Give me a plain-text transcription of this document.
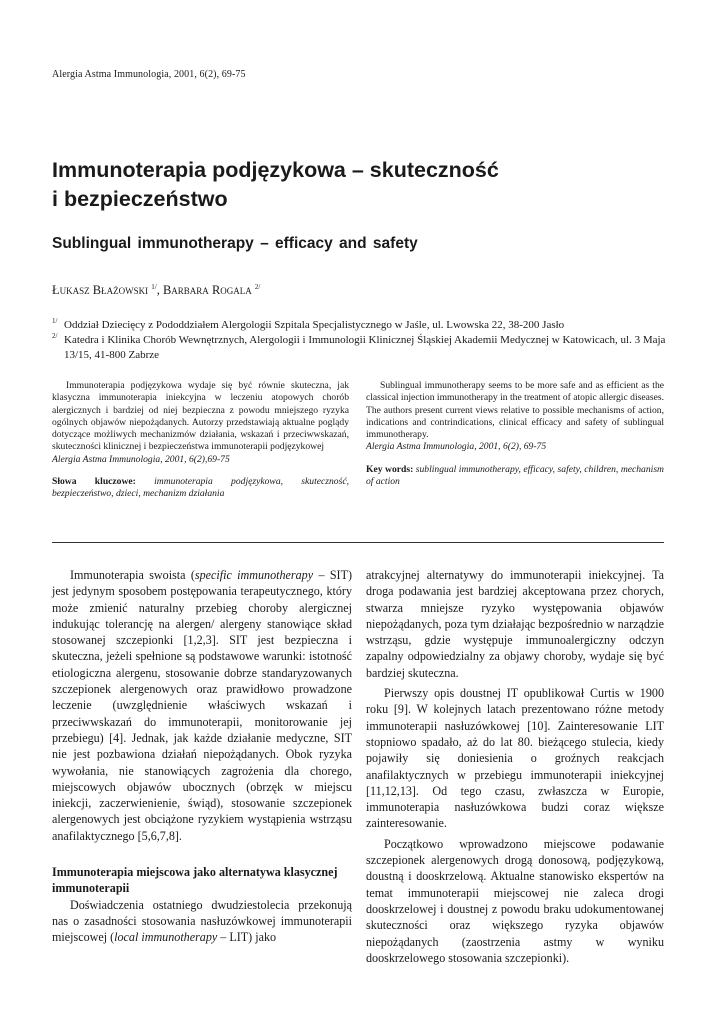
Alergia Astma Immunologia, 2001, 6(2), 69-75
Immunoterapia podjęzykowa – skuteczność
i bezpieczeństwo
Sublingual immunotherapy – efficacy and safety
Łukasz Błażowski $^{1/}$, Barbara Rogala $^{2/}$
1/ Oddział Dziecięcy z Pododdziałem Alergologii Szpitala Specjalistycznego w Jaśle, ul. Lwowska 22, 38-200 Jasło
2/ Katedra i Klinika Chorób Wewnętrznych, Alergologii i Immunologii Klinicznej Śląskiej Akademii Medycznej w Katowicach, ul. 3 Maja 13/15, 41-800 Zabrze

Immunoterapia podjęzykowa wydaje się być równie skuteczna, jak klasyczna immunoterapia iniekcyjna w leczeniu atopowych chorób alergicznych i bardziej od niej bezpieczna z powodu mniejszego ryzyka ogólnych objawów niepożądanych. Autorzy przedstawiają aktualne poglądy dotyczące możliwych mechanizmów działania, wskazań i przeciwwskazań, skuteczności klinicznej i bezpieczeństwa immunoterapii podjęzykowej

Alergia Astma Immunologia, 2001, 6(2),69-75

Słowa kluczowe: immunoterapia podjęzykowa, skuteczność, bezpieczeństwo, dzieci, mechanizm działania

Sublingual immunotherapy seems to be more safe and as efficient as the classical injection immunotherapy in the treatment of atopic allergic diseases. The authors present current views relative to possible mechanisms of action, indications and contrindications, clinical efficacy and safety of sublingual immunotherapy.

Alergia Astma Immunologia, 2001, 6(2), 69-75

Key words: sublingual immunotherapy, efficacy, safety, children, mechanism of action

Immunoterapia swoista (specific immunotherapy – SIT) jest jedynym sposobem postępowania terapeutycznego, który może zmienić naturalny przebieg choroby alergicznej indukując tolerancję na alergen/ alergeny stanowiące skład stosowanej szczepionki [1,2,3]. SIT jest bezpieczna i skuteczna, jeżeli spełnione są podstawowe warunki: istotność etiologiczna alergenu, stosowanie dobrze standaryzowanych szczepionek alergenowych oraz prawidłowo prowadzone leczenie (uwzględnienie właściwych wskazań i przeciwwskazań do immunoterapii, monitorowanie jej przebiegu) [4]. Jednak, jak każde działanie medyczne, SIT nie jest pozbawiona działań niepożądanych. Obok ryzyka wywołania, nie stanowiących zagrożenia dla chorego, miejscowych objawów ubocznych (obrzęk w miejscu iniekcji, zaczerwienienie, świąd), stosowanie szczepionek alergenowych jest obciążone ryzykiem wystąpienia wstrząsu anafilaktycznego [5,6,7,8].

Immunoterapia miejscowa jako alternatywa klasycznej immunoterapii

Doświadczenia ostatniego dwudziestolecia przekonują nas o zasadności stosowania nasłuzówkowej immunoterapii miejscowej (local immunotherapy – LIT) jako

atrakcyjnej alternatywy do immunoterapii iniekcyjnej. Ta droga podawania jest bardziej akceptowana przez chorych, stwarza mniejsze ryzyko występowania objawów niepożądanych, poza tym działając bezpośrednio w narządzie wstrząsu, gdzie występuje immunoalergiczny odczyn zapalny odpowiedzialny za objawy choroby, wydaje się być bardziej skuteczna.

Pierwszy opis doustnej IT opublikował Curtis w 1900 roku [9]. W kolejnych latach prezentowano różne metody immunoterapii nasłuzówkowej [10]. Zainteresowanie LIT stopniowo spadało, aż do lat 80. bieżącego stulecia, kiedy pojawiły się doniesienia o groźnych reakcjach anafilaktycznych w przebiegu immunoterapii iniekcyjnej [11,12,13]. Od tego czasu, zwłaszcza w Europie, immunoterapia nasłuzówkowa budzi coraz większe zainteresowanie.

Początkowo wprowadzono miejscowe podawanie szczepionek alergenowych drogą donosową, podjęzykową, doustną i dooskrzelową. Aktualne stanowisko ekspertów na temat immunoterapii miejscowej nie zaleca drogi dooskrzelowej i doustnej z powodu braku udokumentowanej skuteczności oraz większego ryzyka objawów niepożądanych (zaostrzenia astmy w wyniku dooskrzelowego stosowania szczepionki).
